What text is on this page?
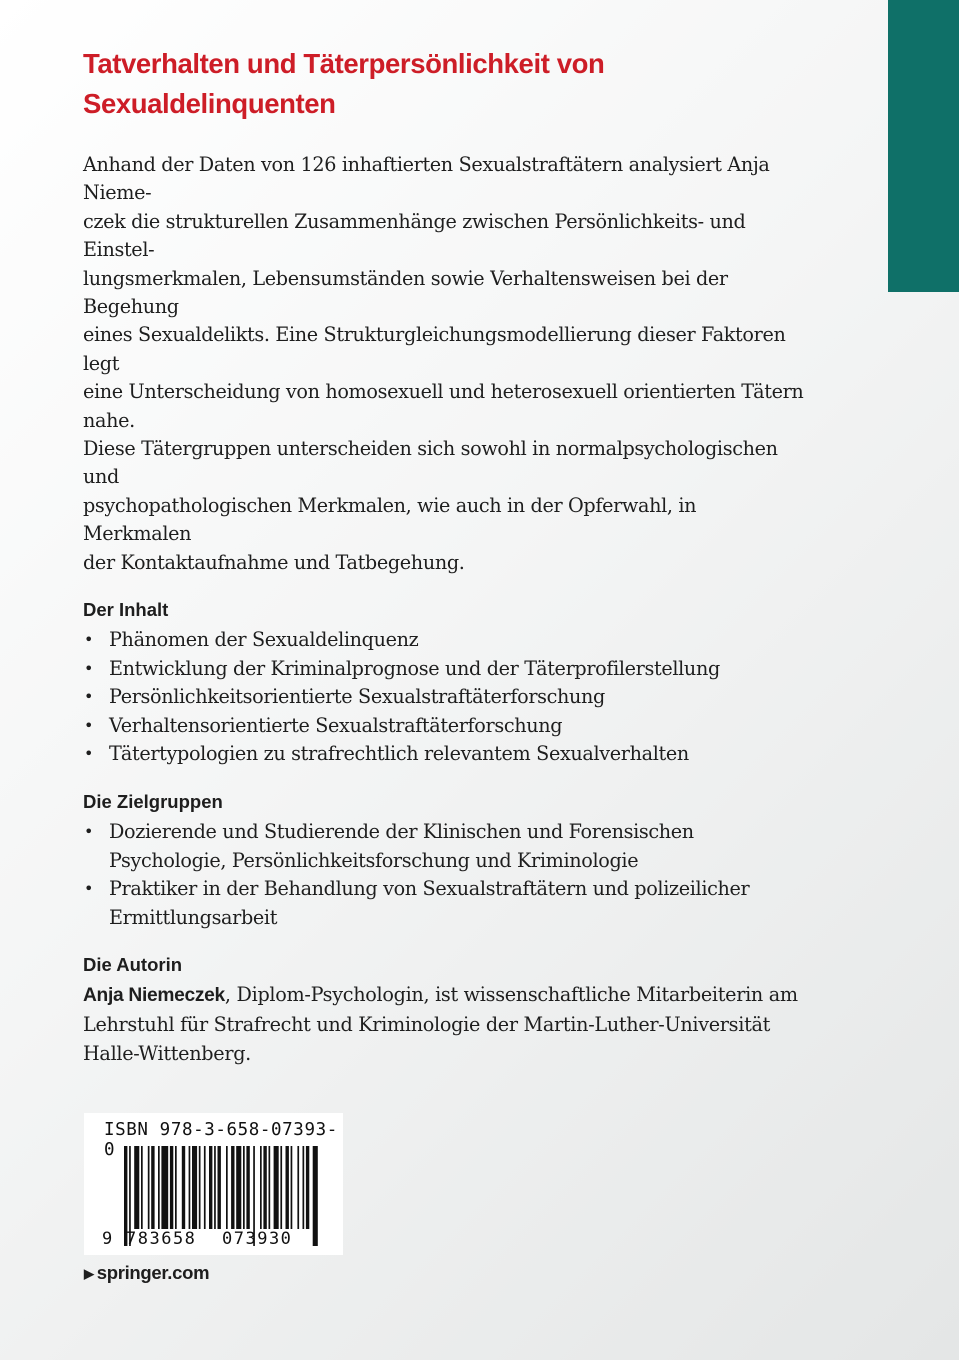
Tatverhalten und Täterpersönlichkeit von Sexualdelinquenten

Anhand der Daten von 126 inhaftierten Sexualstraftätern analysiert Anja Nieme-
czek die strukturellen Zusammenhänge zwischen Persönlichkeits- und Einstel-
lungsmerkmalen, Lebensumständen sowie Verhaltensweisen bei der Begehung
eines Sexualdelikts. Eine Strukturgleichungsmodellierung dieser Faktoren legt
eine Unterscheidung von homosexuell und heterosexuell orientierten Tätern nahe.
Diese Tätergruppen unterscheiden sich sowohl in normalpsychologischen und
psychopathologischen Merkmalen, wie auch in der Opferwahl, in Merkmalen
der Kontaktaufnahme und Tatbegehung.

Der Inhalt
• Phänomen der Sexualdelinquenz
• Entwicklung der Kriminalprognose und der Täterprofilerstellung
• Persönlichkeitsorientierte Sexualstraftäterforschung
• Verhaltensorientierte Sexualstraftäterforschung
• Tätertypologien zu strafrechtlich relevantem Sexualverhalten
Die Zielgruppen
• Dozierende und Studierende der Klinischen und Forensischen
Psychologie, Persönlichkeitsforschung und Kriminologie
• Praktiker in der Behandlung von Sexualstraftätern und polizeilicher
Ermittlungsarbeit
Die Autorin

Anja Niemeczek, Diplom-Psychologin, ist wissenschaftliche Mitarbeiterin am
Lehrstuhl für Strafrecht und Kriminologie der Martin-Luther-Universität
Halle-Wittenberg.

9 783658 073930
ISBN 978-3-658-07393-0
▶ springer.com
